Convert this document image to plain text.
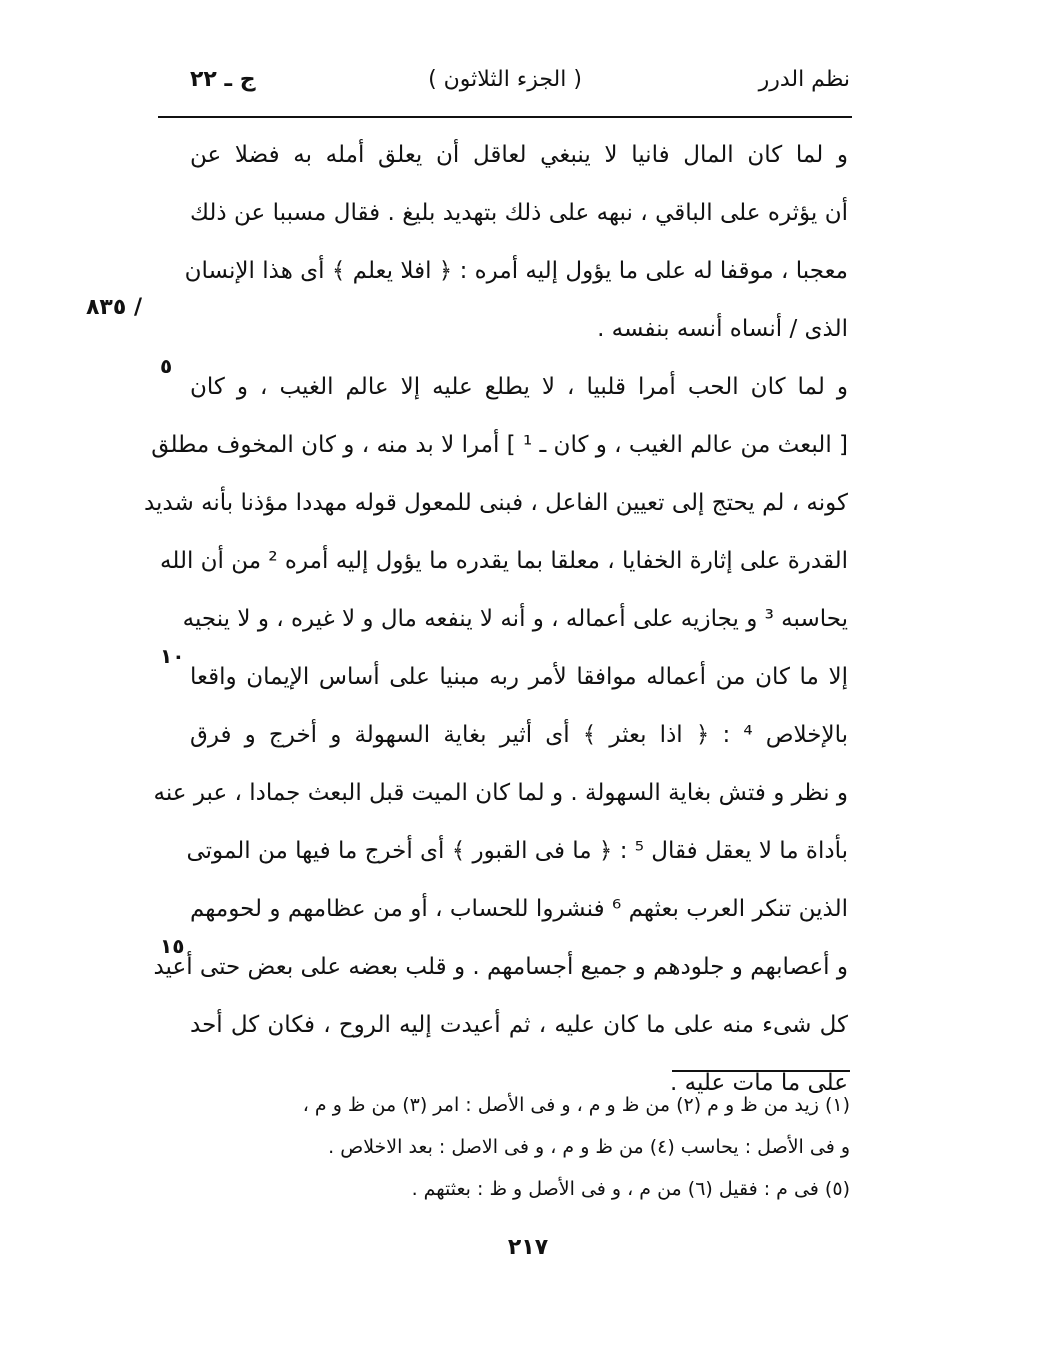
نظم الدرر
( الجزء الثلاثون )
ج ـ ٢٢
و لما كان المال فانيا لا ينبغي لعاقل أن يعلق أمله به فضلا عن
أن يؤثره على الباقي ، نبهه على ذلك بتهديد بليغ . فقال مسببا عن ذلك
معجبا ، موقفا له على ما يؤول إليه أمره : ﴿ افلا يعلم ﴾ أى هذا الإنسان
الذى / أنساه أنسه بنفسه .
و لما كان الحب أمرا قلبيا ، لا يطلع عليه إلا عالم الغيب ، و كان
[ البعث من عالم الغيب ، و كان ـ ¹ ] أمرا لا بد منه ، و كان المخوف مطلق
كونه ، لم يحتج إلى تعيين الفاعل ، فبنى للمعول قوله مهددا مؤذنا بأنه شديد
القدرة على إثارة الخفايا ، معلقا بما يقدره ما يؤول إليه أمره ² من أن الله
يحاسبه ³ و يجازيه على أعماله ، و أنه لا ينفعه مال و لا غيره ، و لا ينجيه
إلا ما كان من أعماله موافقا لأمر ربه مبنيا على أساس الإيمان واقعا
بالإخلاص ⁴ : ﴿ اذا بعثر ﴾ أى أثير بغاية السهولة و أخرج و فرق
و نظر و فتش بغاية السهولة . و لما كان الميت قبل البعث جمادا ، عبر عنه
بأداة ما لا يعقل فقال ⁵ : ﴿ ما فى القبور ﴾ أى أخرج ما فيها من الموتى
الذين تنكر العرب بعثهم ⁶ فنشروا للحساب ، أو من عظامهم و لحومهم
و أعصابهم و جلودهم و جميع أجسامهم . و قلب بعضه على بعض حتى أعيد
كل شىء منه على ما كان عليه ، ثم أعيدت إليه الروح ، فكان كل أحد
على ما مات عليه .
٨٣٥ /
٥
١٠
١٥
(١) زيد من ظ و م (٢) من ظ و م ، و فى الأصل : امر (٣) من ظ و م ،
و فى الأصل : يحاسب (٤) من ظ و م ، و فى الاصل : بعد الاخلاص .
(٥) فى م : فقيل (٦) من م ، و فى الأصل و ظ : بعثتهم .
٢١٧
